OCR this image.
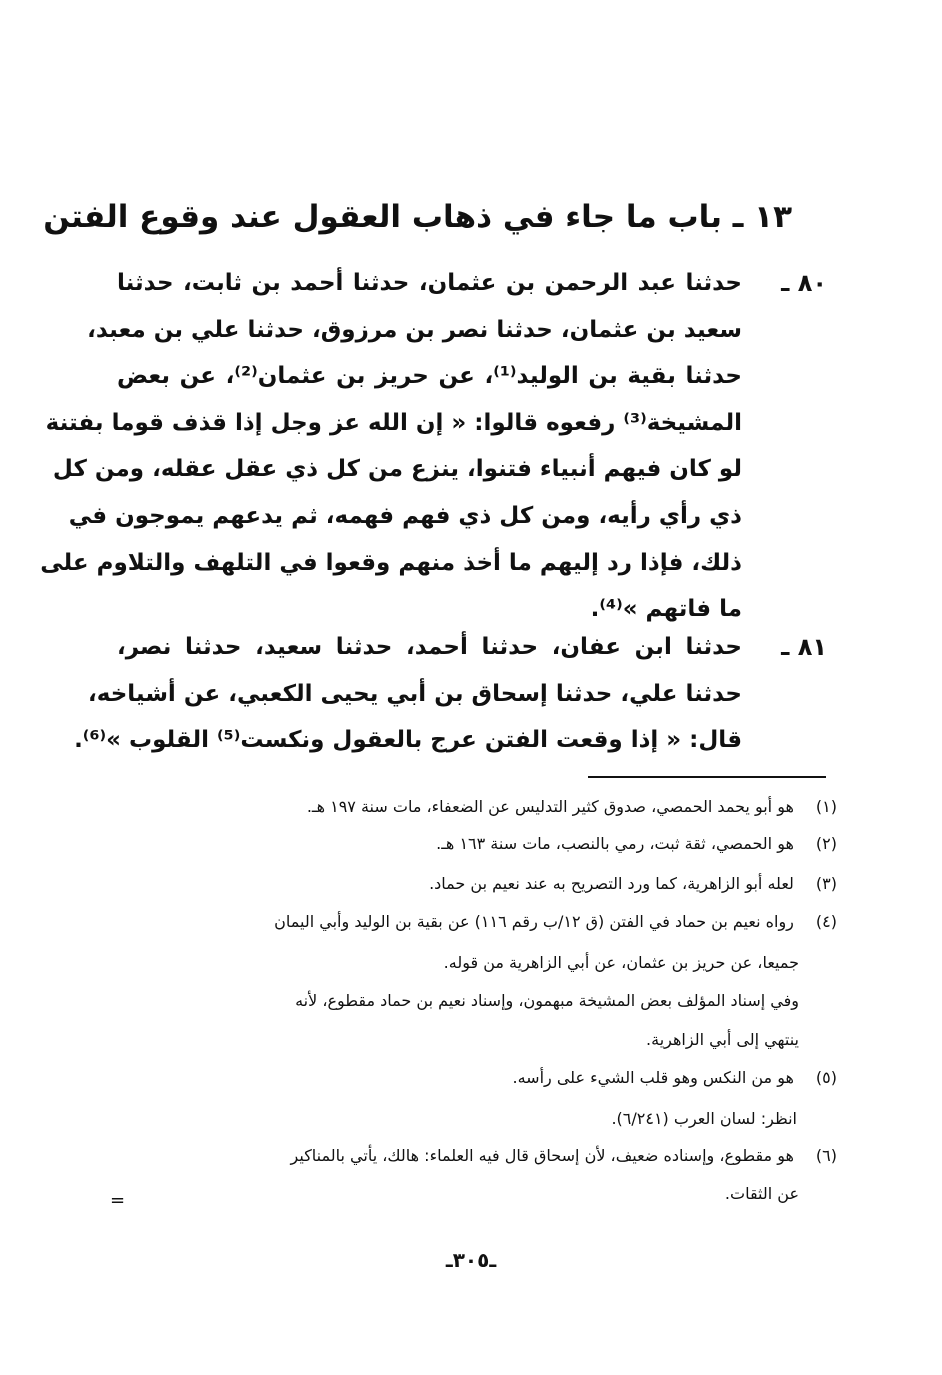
١٣ ـ باب ما جاء في ذهاب العقول عند وقوع الفتن
٨٠ ـ
حدثنا عبد الرحمن بن عثمان، حدثنا أحمد بن ثابت، حدثنا
سعيد بن عثمان، حدثنا نصر بن مرزوق، حدثنا علي بن معبد،
حدثنا بقية بن الوليد⁽¹⁾، عن حريز بن عثمان⁽²⁾، عن بعض
المشيخة⁽³⁾ رفعوه قالوا: « إن الله عز وجل إذا قذف قوما بفتنة
لو كان فيهم أنبياء فتنوا، ينزع من كل ذي عقل عقله، ومن كل
ذي رأي رأيه، ومن كل ذي فهم فهمه، ثم يدعهم يموجون في
ذلك، فإذا رد إليهم ما أخذ منهم وقعوا في التلهف والتلاوم على
ما فاتهم »⁽⁴⁾.
٨١ ـ
حدثنا ابن عفان، حدثنا أحمد، حدثنا سعيد، حدثنا نصر،
حدثنا علي، حدثنا إسحاق بن أبي يحيى الكعبي، عن أشياخه،
قال: « إذا وقعت الفتن عرج بالعقول ونكست⁽⁵⁾ القلوب »⁽⁶⁾.
(١) هو أبو يحمد الحمصي، صدوق كثير التدليس عن الضعفاء، مات سنة ١٩٧ هـ.
(٢) هو الحمصي، ثقة ثبت، رمي بالنصب، مات سنة ١٦٣ هـ.
(٣) لعله أبو الزاهرية، كما ورد التصريح به عند نعيم بن حماد.
(٤) رواه نعيم بن حماد في الفتن (ق ١٢/ب رقم ١١٦) عن بقية بن الوليد وأبي اليمان
جميعا، عن حريز بن عثمان، عن أبي الزاهرية من قوله.
وفي إسناد المؤلف بعض المشيخة مبهمون، وإسناد نعيم بن حماد مقطوع، لأنه
ينتهي إلى أبي الزاهرية.
(٥) هو من النكس وهو قلب الشيء على رأسه.
انظر: لسان العرب (٦/٢٤١).
(٦) هو مقطوع، وإسناده ضعيف، لأن إسحاق قال فيه العلماء: هالك، يأتي بالمناكير
عن الثقات.
=
ـ٣٠٥ـ
